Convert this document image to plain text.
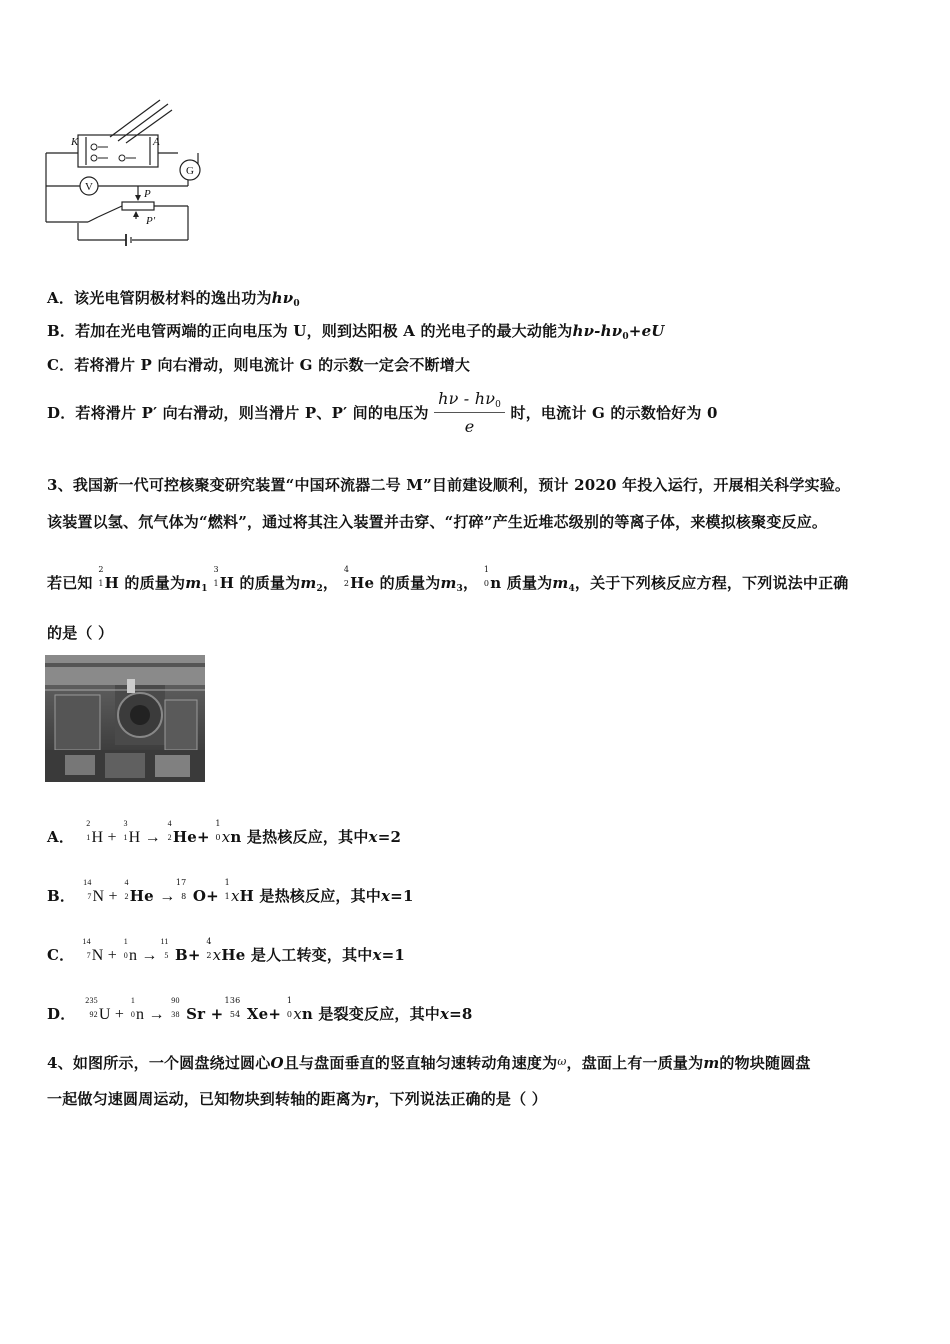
K	A
G
V
P
P'
A．该光电管阴极材料的逸出功为$h\nu_0$
B．若加在光电管两端的正向电压为 U，则到达阳极 A 的光电子的最大动能为$h\nu-h\nu_0+eU$
C．若将滑片 P 向右滑动，则电流计 G 的示数一定会不断增大
D．若将滑片 P′ 向右滑动，则当滑片 P、P′ 间的电压为 $\frac{h\nu - h\nu_0}{e}$ 时，电流计 G 的示数恰好为 0
3、我国新一代可控核聚变研究装置“中国环流器二号 M”目前建设顺利，预计 2020 年投入运行，开展相关科学实验。
该装置以氢、氘气体为“燃料”，通过将其注入装置并击穿、“打碎”产生近堆芯级别的等离子体，来模拟核聚变反应。
若已知
2
1 H 的质量为$m_1$
3
1 H 的质量为$m_2$，
4
2 He 的质量为$m_3$，
1
0 n 质量为$m_4$，关于下列核反应方程，下列说法中正确
的是（ ）
A．
2
1 H +
3
1 H →
4
2 He+
1
0 xn 是热核反应，其中x=2
B．
14
7 N +
4
2 He →
17
8 O+
1
1 xH 是热核反应，其中x=1
C．
14
7 N +
1
0 n →
11
5 B+
4
2 xHe 是人工转变，其中x=1
D．
235
92 U +
1
0 n →
90
38 Sr +
136
54 Xe+
1
0 xn 是裂变反应，其中x=8
4、如图所示，一个圆盘绕过圆心O且与盘面垂直的竖直轴匀速转动角速度为$^\omega$，盘面上有一质量为m的物块随圆盘
一起做匀速圆周运动，已知物块到转轴的距离为r，下列说法正确的是（ ）
